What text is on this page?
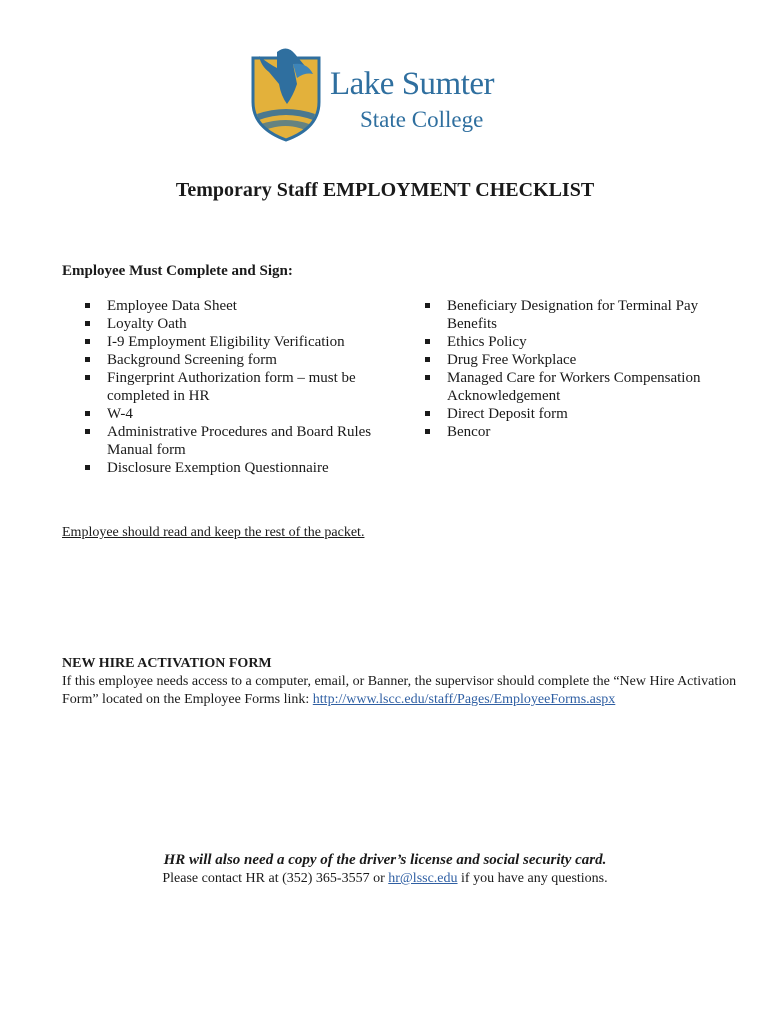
Lake Sumter
State College
Temporary Staff EMPLOYMENT CHECKLIST
Employee Must Complete and Sign:
Employee Data Sheet
Loyalty Oath
I-9 Employment Eligibility Verification
Background Screening form
Fingerprint Authorization form – must be completed in HR
W-4
Administrative Procedures and Board Rules Manual form
Disclosure Exemption Questionnaire
Beneficiary Designation for Terminal Pay Benefits
Ethics Policy
Drug Free Workplace
Managed Care for Workers Compensation Acknowledgement
Direct Deposit form
Bencor

Employee should read and keep the rest of the packet.

NEW HIRE ACTIVATION FORM

If this employee needs access to a computer, email, or Banner, the supervisor should complete the “New Hire Activation Form” located on the Employee Forms link: http://www.lscc.edu/staff/Pages/EmployeeForms.aspx

HR will also need a copy of the driver’s license and social security card.

Please contact HR at (352) 365-3557 or hr@lssc.edu if you have any questions.
